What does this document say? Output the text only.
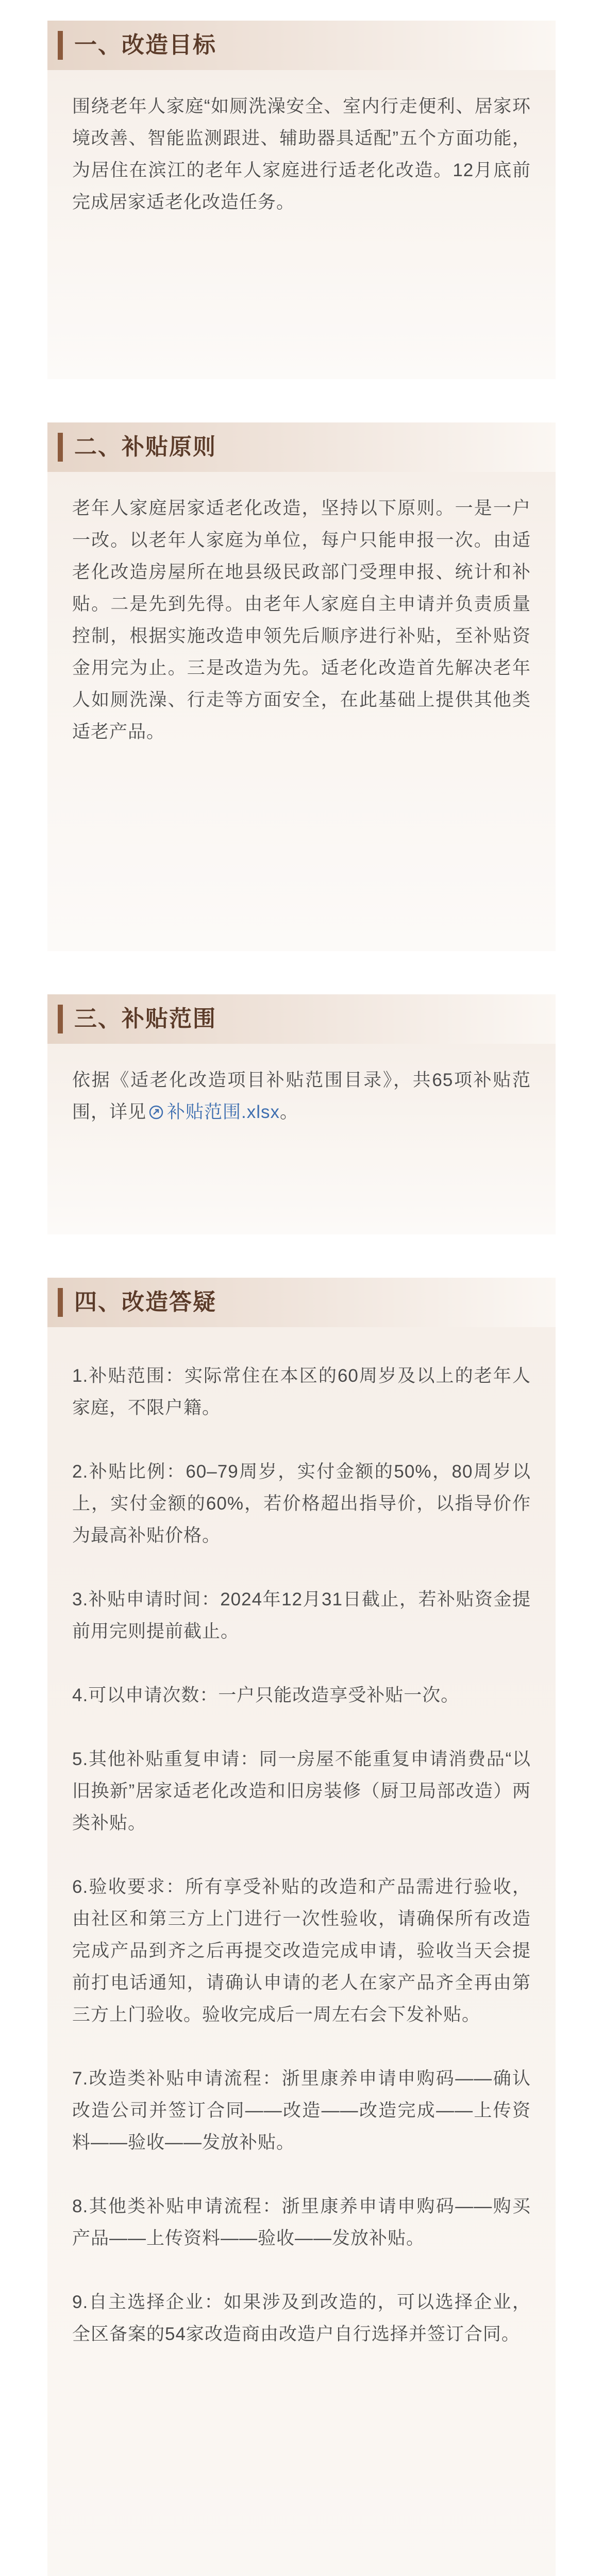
一、改造目标

围绕老年人家庭“如厕洗澡安全、室内行走便利、居家环境改善、智能监测跟进、辅助器具适配”五个方面功能，为居住在滨江的老年人家庭进行适老化改造。12月底前完成居家适老化改造任务。

二、补贴原则

老年人家庭居家适老化改造，坚持以下原则。一是一户一改。以老年人家庭为单位，每户只能申报一次。由适老化改造房屋所在地县级民政部门受理申报、统计和补贴。二是先到先得。由老年人家庭自主申请并负责质量控制，根据实施改造申领先后顺序进行补贴，至补贴资金用完为止。三是改造为先。适老化改造首先解决老年人如厕洗澡、行走等方面安全，在此基础上提供其他类适老产品。

三、补贴范围

依据《适老化改造项目补贴范围目录》，共65项补贴范围，详见 补贴范围.xlsx。

四、改造答疑

1.补贴范围：实际常住在本区的60周岁及以上的老年人家庭，不限户籍。

2.补贴比例：60–79周岁，实付金额的50%，80周岁以上，实付金额的60%，若价格超出指导价，以指导价作为最高补贴价格。

3.补贴申请时间：2024年12月31日截止，若补贴资金提前用完则提前截止。

4.可以申请次数：一户只能改造享受补贴一次。

5.其他补贴重复申请：同一房屋不能重复申请消费品“以旧换新”居家适老化改造和旧房装修（厨卫局部改造）两类补贴。

6.验收要求：所有享受补贴的改造和产品需进行验收，由社区和第三方上门进行一次性验收，请确保所有改造完成产品到齐之后再提交改造完成申请，验收当天会提前打电话通知，请确认申请的老人在家产品齐全再由第三方上门验收。验收完成后一周左右会下发补贴。

7.改造类补贴申请流程：浙里康养申请申购码——确认改造公司并签订合同——改造——改造完成——上传资料——验收——发放补贴。

8.其他类补贴申请流程：浙里康养申请申购码——购买产品——上传资料——验收——发放补贴。

9.自主选择企业：如果涉及到改造的，可以选择企业，全区备案的54家改造商由改造户自行选择并签订合同。
